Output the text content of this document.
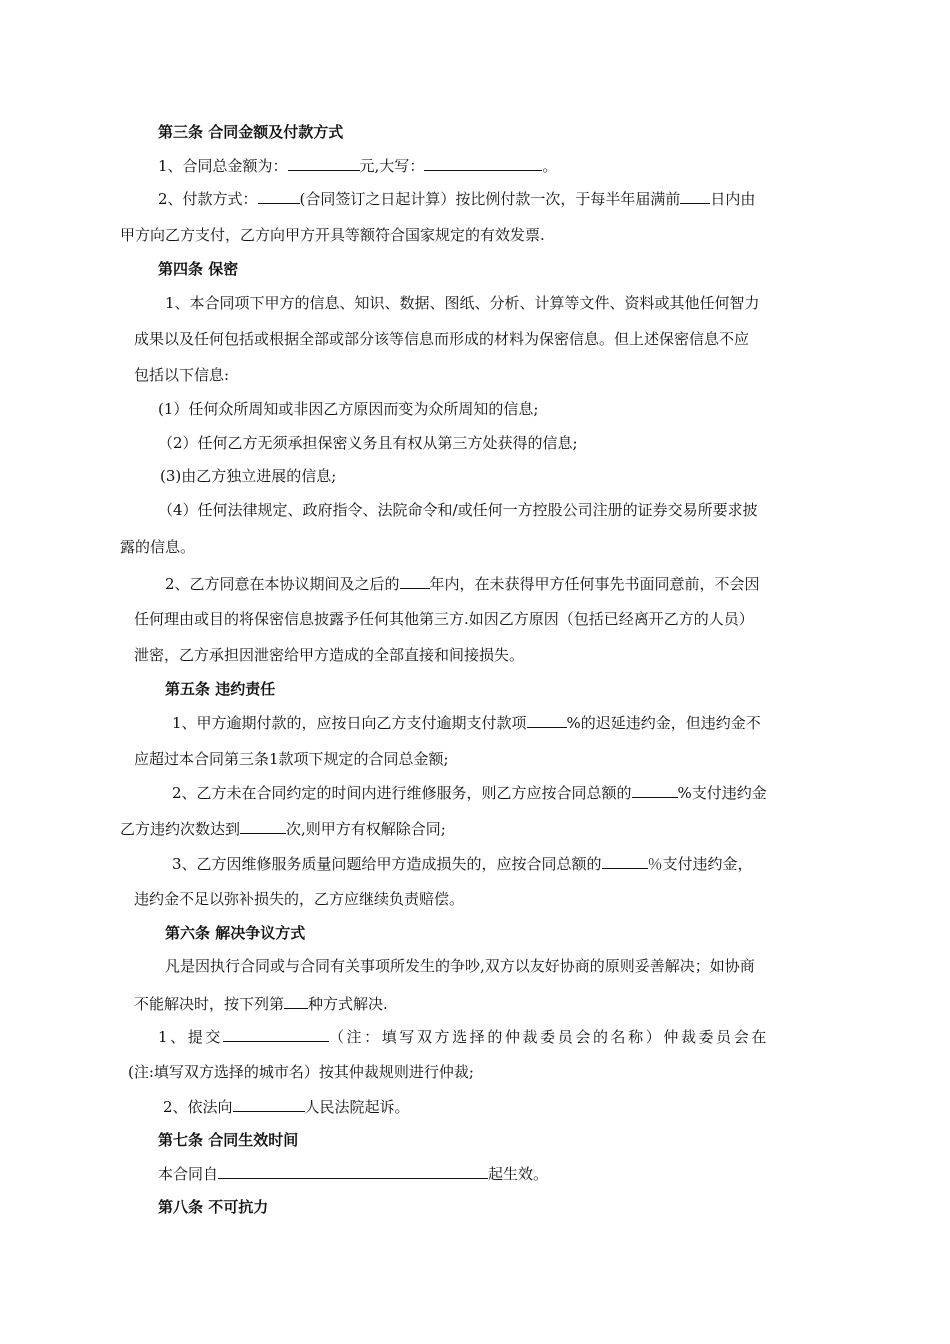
第三条 合同金额及付款方式
1、合同总金额为：	元,大写：	。
2、付款方式：	(合同签订之日起计算）按比例付款一次，于每半年届满前 日内由
甲方向乙方支付，乙方向甲方开具等额符合国家规定的有效发票.
第四条 保密
1、本合同项下甲方的信息、知识、数据、图纸、分析、计算等文件、资料或其他任何智力
成果以及任何包括或根据全部或部分该等信息而形成的材料为保密信息。但上述保密信息不应
包括以下信息:
(1）任何众所周知或非因乙方原因而变为众所周知的信息;
（2）任何乙方无须承担保密义务且有权从第三方处获得的信息;
(3)由乙方独立进展的信息;
（4）任何法律规定、政府指令、法院命令和/或任何一方控股公司注册的证券交易所要求披
露的信息。
2、乙方同意在本协议期间及之后的 年内，在未获得甲方任何事先书面同意前，不会因
任何理由或目的将保密信息披露予任何其他第三方.如因乙方原因（包括已经离开乙方的人员）
泄密，乙方承担因泄密给甲方造成的全部直接和间接损失。
第五条 违约责任
1、甲方逾期付款的，应按日向乙方支付逾期支付款项	%的迟延违约金，但违约金不
应超过本合同第三条1款项下规定的合同总金额;
2、乙方未在合同约定的时间内进行维修服务，则乙方应按合同总额的	%支付违约金
乙方违约次数达到	次,则甲方有权解除合同;
3、乙方因维修服务质量问题给甲方造成损失的，应按合同总额的	％支付违约金，
违约金不足以弥补损失的，乙方应继续负责赔偿。
第六条 解决争议方式
凡是因执行合同或与合同有关事项所发生的争吵,双方以友好协商的原则妥善解决；如协商
不能解决时，按下列第 种方式解决.
1、提交	（注：填写双方选择的仲裁委员会的名称）仲裁委员会在
(注:填写双方选择的城市名）按其仲裁规则进行仲裁;
2、依法向	人民法院起诉。
第七条 合同生效时间
本合同自	起生效。
第八条 不可抗力
